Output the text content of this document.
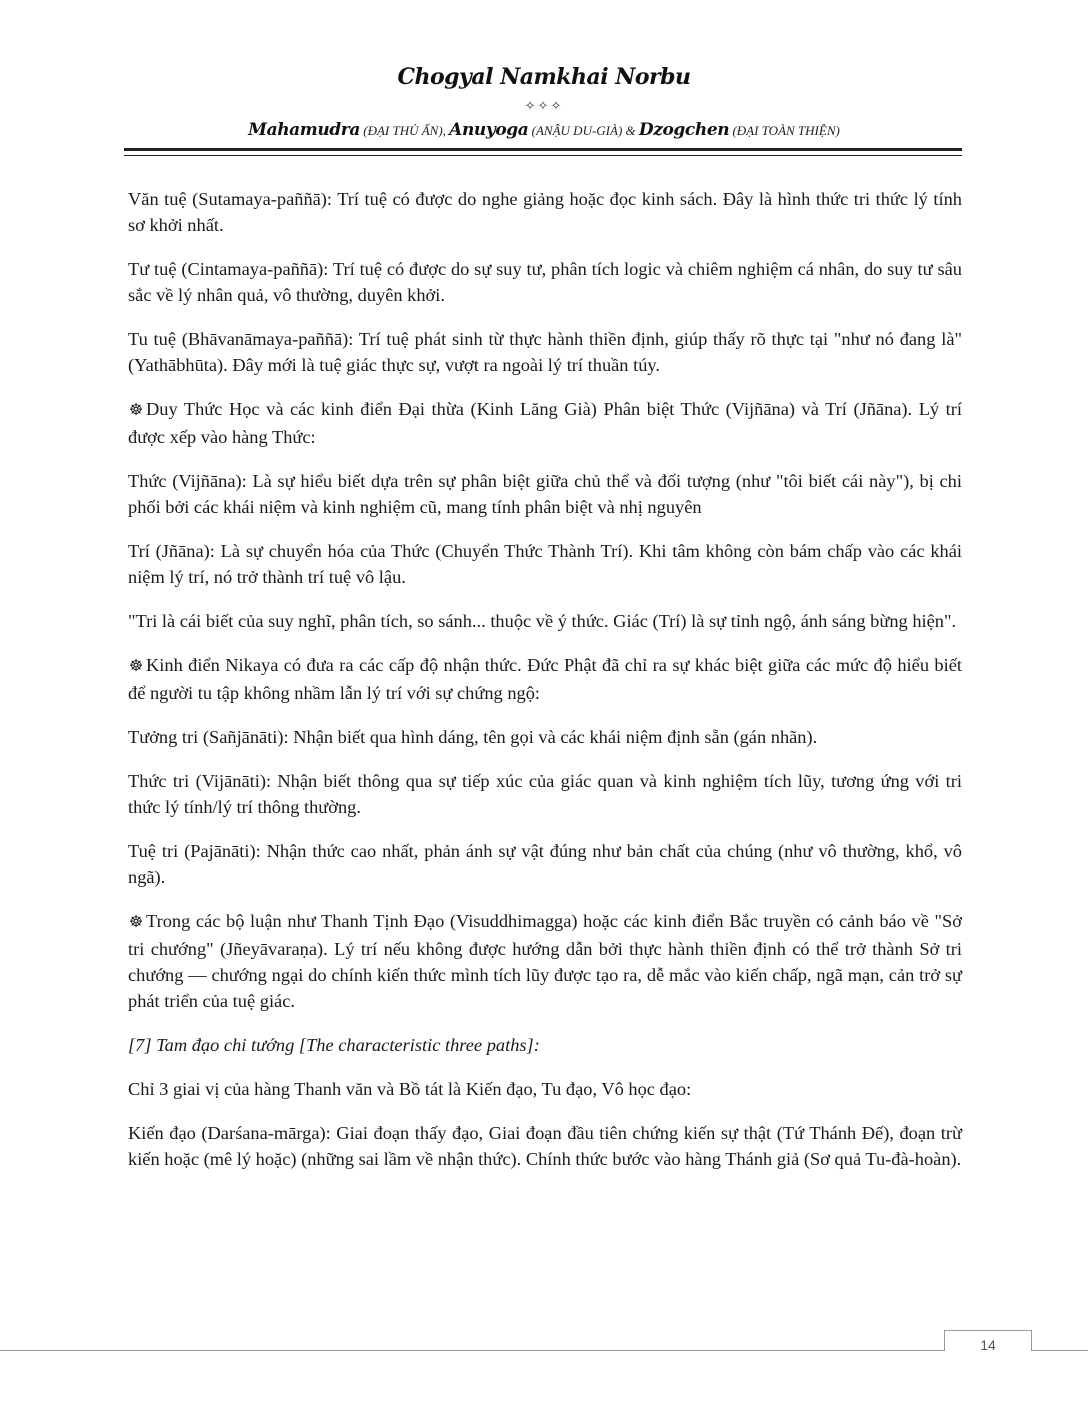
Chogyal Namkhai Norbu
✧✧✧
Mahamudra (ĐẠI THỦ ẤN), Anuyoga (ANẬU DU-GIÀ) & Dzogchen (ĐẠI TOÀN THIỆN)

Văn tuệ (Sutamaya-paññā): Trí tuệ có được do nghe giảng hoặc đọc kinh sách. Đây là hình thức tri thức lý tính sơ khởi nhất.

Tư tuệ (Cintamaya-paññā): Trí tuệ có được do sự suy tư, phân tích logic và chiêm nghiệm cá nhân, do suy tư sâu sắc về lý nhân quả, vô thường, duyên khởi.

Tu tuệ (Bhāvanāmaya-paññā): Trí tuệ phát sinh từ thực hành thiền định, giúp thấy rõ thực tại "như nó đang là" (Yathābhūta). Đây mới là tuệ giác thực sự, vượt ra ngoài lý trí thuần túy.

☸ Duy Thức Học và các kinh điển Đại thừa (Kinh Lăng Già) Phân biệt Thức (Vijñāna) và Trí (Jñāna). Lý trí được xếp vào hàng Thức:

Thức (Vijñāna): Là sự hiểu biết dựa trên sự phân biệt giữa chủ thể và đối tượng (như "tôi biết cái này"), bị chi phối bởi các khái niệm và kinh nghiệm cũ, mang tính phân biệt và nhị nguyên

Trí (Jñāna): Là sự chuyển hóa của Thức (Chuyển Thức Thành Trí). Khi tâm không còn bám chấp vào các khái niệm lý trí, nó trở thành trí tuệ vô lậu.

"Tri là cái biết của suy nghĩ, phân tích, so sánh... thuộc về ý thức. Giác (Trí) là sự tỉnh ngộ, ánh sáng bừng hiện".

☸ Kinh điển Nikaya có đưa ra các cấp độ nhận thức. Đức Phật đã chỉ ra sự khác biệt giữa các mức độ hiểu biết để người tu tập không nhầm lẫn lý trí với sự chứng ngộ:

Tưởng tri (Sañjānāti): Nhận biết qua hình dáng, tên gọi và các khái niệm định sẵn (gán nhãn).

Thức tri (Vijānāti): Nhận biết thông qua sự tiếp xúc của giác quan và kinh nghiệm tích lũy, tương ứng với tri thức lý tính/lý trí thông thường.

Tuệ tri (Pajānāti): Nhận thức cao nhất, phản ánh sự vật đúng như bản chất của chúng (như vô thường, khổ, vô ngã).

☸ Trong các bộ luận như Thanh Tịnh Đạo (Visuddhimagga) hoặc các kinh điển Bắc truyền có cảnh báo về "Sở tri chướng" (Jñeyāvaraṇa). Lý trí nếu không được hướng dẫn bởi thực hành thiền định có thể trở thành Sở tri chướng — chướng ngại do chính kiến thức mình tích lũy được tạo ra, dễ mắc vào kiến chấp, ngã mạn, cản trở sự phát triển của tuệ giác.

[7] Tam đạo chi tướng [The characteristic three paths]:

Chỉ 3 giai vị của hàng Thanh văn và Bồ tát là Kiến đạo, Tu đạo, Vô học đạo:

Kiến đạo (Darśana-mārga): Giai đoạn thấy đạo, Giai đoạn đầu tiên chứng kiến sự thật (Tứ Thánh Đế), đoạn trừ kiến hoặc (mê lý hoặc) (những sai lầm về nhận thức). Chính thức bước vào hàng Thánh giả (Sơ quả Tu-đà-hoàn).

14
